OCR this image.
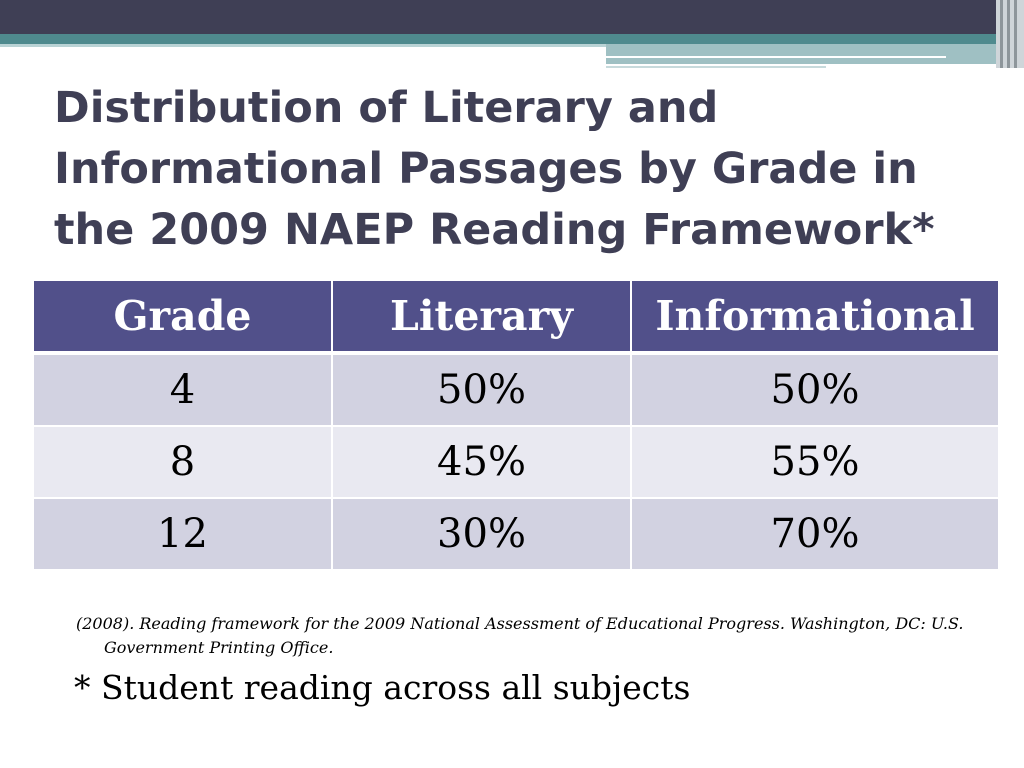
Distribution of Literary and
Informational Passages by Grade in
the 2009 NAEP Reading Framework*
Grade	Literary	Informational
4	50%	50%
8	45%	55%
12	30%	70%

(2008). Reading framework for the 2009 National Assessment of Educational Progress. Washington, DC: U.S. Government Printing Office.

* Student reading across all subjects
